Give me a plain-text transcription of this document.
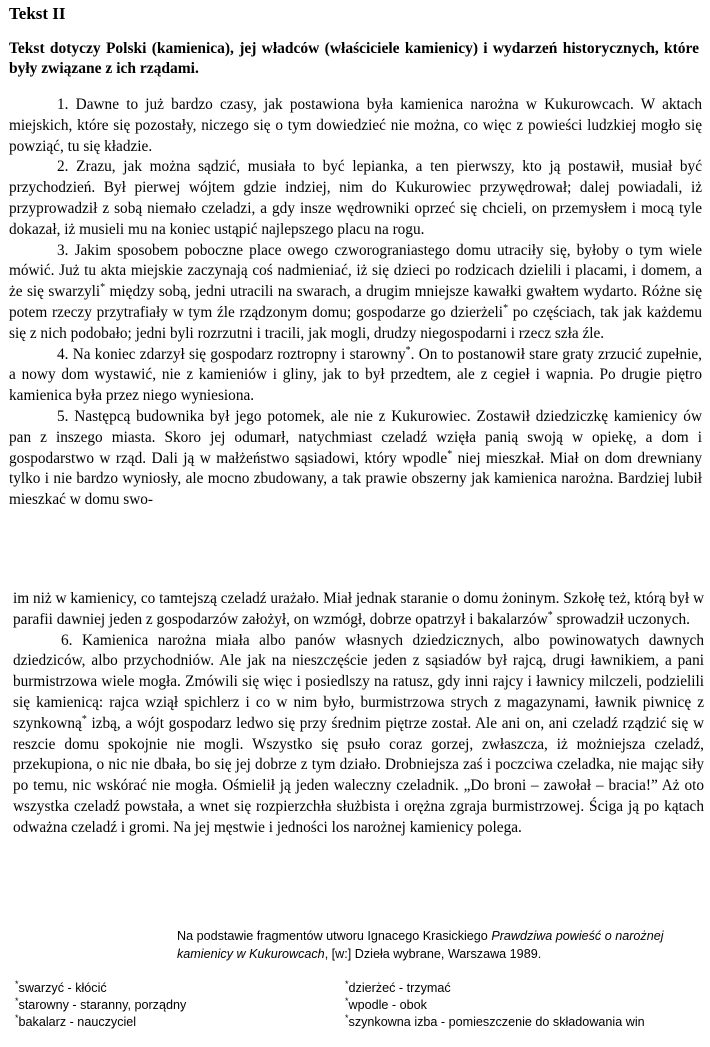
Tekst II
Tekst dotyczy Polski (kamienica), jej władców (właściciele kamienicy) i wydarzeń historycznych, które były związane z ich rządami.

1. Dawne to już bardzo czasy, jak postawiona była kamienica narożna w Kukurowcach. W aktach miejskich, które się pozostały, niczego się o tym dowiedzieć nie można, co więc z powieści ludzkiej mogło się powziąć, tu się kładzie.

2. Zrazu, jak można sądzić, musiała to być lepianka, a ten pierwszy, kto ją postawił, musiał być przychodzień. Był pierwej wójtem gdzie indziej, nim do Kukurowiec przywędrował; dalej powiadali, iż przyprowadził z sobą niemało czeladzi, a gdy insze wędrowniki oprzeć się chcieli, on przemysłem i mocą tyle dokazał, iż musieli mu na koniec ustąpić najlepszego placu na rogu.

3. Jakim sposobem poboczne place owego czworograniastego domu utraciły się, byłoby o tym wiele mówić. Już tu akta miejskie zaczynają coś nadmieniać, iż się dzieci po rodzicach dzielili i placami, i domem, a że się swarzyli* między sobą, jedni utracili na swarach, a drugim mniejsze kawałki gwałtem wydarto. Różne się potem rzeczy przytrafiały w tym źle rządzonym domu; gospodarze go dzierżeli* po częściach, tak jak każdemu się z nich podobało; jedni byli rozrzutni i tracili, jak mogli, drudzy niegospodarni i rzecz szła źle.

4. Na koniec zdarzył się gospodarz roztropny i starowny*. On to postanowił stare graty zrzucić zupełnie, a nowy dom wystawić, nie z kamieniów i gliny, jak to był przedtem, ale z cegieł i wapnia. Po drugie piętro kamienica była przez niego wyniesiona.

5. Następcą budownika był jego potomek, ale nie z Kukurowiec. Zostawił dziedziczkę kamienicy ów pan z inszego miasta. Skoro jej odumarł, natychmiast czeladź wzięła panią swoją w opiekę, a dom i gospodarstwo w rząd. Dali ją w małżeństwo sąsiadowi, który wpodle* niej mieszkał. Miał on dom drewniany tylko i nie bardzo wyniosły, ale mocno zbudowany, a tak prawie obszerny jak kamienica narożna. Bardziej lubił mieszkać w domu swo-

im niż w kamienicy, co tamtejszą czeladź urażało. Miał jednak staranie o domu żoninym. Szkołę też, którą był w parafii dawniej jeden z gospodarzów założył, on wzmógł, dobrze opatrzył i bakalarzów* sprowadził uczonych.

6. Kamienica narożna miała albo panów własnych dziedzicznych, albo powinowatych dawnych dziedziców, albo przychodniów. Ale jak na nieszczęście jeden z sąsiadów był rajcą, drugi ławnikiem, a pani burmistrzowa wiele mogła. Zmówili się więc i posiedlszy na ratusz, gdy inni rajcy i ławnicy milczeli, podzielili się kamienicą: rajca wziął spichlerz i co w nim było, burmistrzowa strych z magazynami, ławnik piwnicę z szynkowną* izbą, a wójt gospodarz ledwo się przy średnim piętrze został. Ale ani on, ani czeladź rządzić się w reszcie domu spokojnie nie mogli. Wszystko się psuło coraz gorzej, zwłaszcza, iż możniejsza czeladź, przekupiona, o nic nie dbała, bo się jej dobrze z tym działo. Drobniejsza zaś i poczciwa czeladka, nie mając siły po temu, nic wskórać nie mogła. Ośmielił ją jeden waleczny czeladnik. „Do broni – zawołał – bracia!” Aż oto wszystka czeladź powstała, a wnet się rozpierzchła służbista i orężna zgraja burmistrzowej. Ściga ją po kątach odważna czeladź i gromi. Na jej męstwie i jedności los narożnej kamienicy polega.

Na podstawie fragmentów utworu Ignacego Krasickiego Prawdziwa powieść o narożnej kamienicy w Kukurowcach, [w:] Dzieła wybrane, Warszawa 1989.
*swarzyć - kłócić
*starowny - staranny, porządny
*bakalarz - nauczyciel
*dzierżeć - trzymać
*wpodle - obok
*szynkowna izba - pomieszczenie do składowania win
